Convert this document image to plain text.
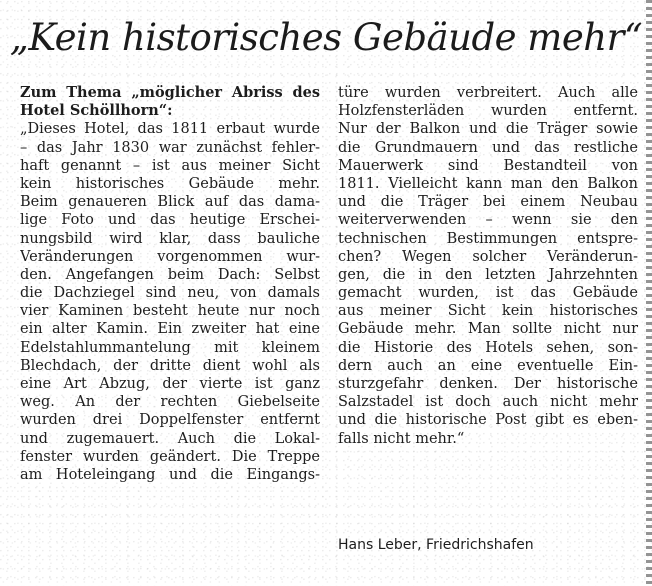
„Kein historisches Gebäude mehr“
Zum Thema „möglicher Abriss des
Hotel Schöllhorn“:
„Dieses Hotel, das 1811 erbaut wurde
– das Jahr 1830 war zunächst fehler-
haft genannt – ist aus meiner Sicht
kein historisches Gebäude mehr.
Beim genaueren Blick auf das dama-
lige Foto und das heutige Erschei-
nungsbild wird klar, dass bauliche
Veränderungen vorgenommen wur-
den. Angefangen beim Dach: Selbst
die Dachziegel sind neu, von damals
vier Kaminen besteht heute nur noch
ein alter Kamin. Ein zweiter hat eine
Edelstahlummantelung mit kleinem
Blechdach, der dritte dient wohl als
eine Art Abzug, der vierte ist ganz
weg. An der rechten Giebelseite
wurden drei Doppelfenster entfernt
und zugemauert. Auch die Lokal-
fenster wurden geändert. Die Treppe
am Hoteleingang und die Eingangs-
türe wurden verbreitert. Auch alle
Holzfensterläden wurden entfernt.
Nur der Balkon und die Träger sowie
die Grundmauern und das restliche
Mauerwerk sind Bestandteil von
1811. Vielleicht kann man den Balkon
und die Träger bei einem Neubau
weiterverwenden – wenn sie den
technischen Bestimmungen entspre-
chen? Wegen solcher Veränderun-
gen, die in den letzten Jahrzehnten
gemacht wurden, ist das Gebäude
aus meiner Sicht kein historisches
Gebäude mehr. Man sollte nicht nur
die Historie des Hotels sehen, son-
dern auch an eine eventuelle Ein-
sturzgefahr denken. Der historische
Salzstadel ist doch auch nicht mehr
und die historische Post gibt es eben-
falls nicht mehr.“
Hans Leber, Friedrichshafen
